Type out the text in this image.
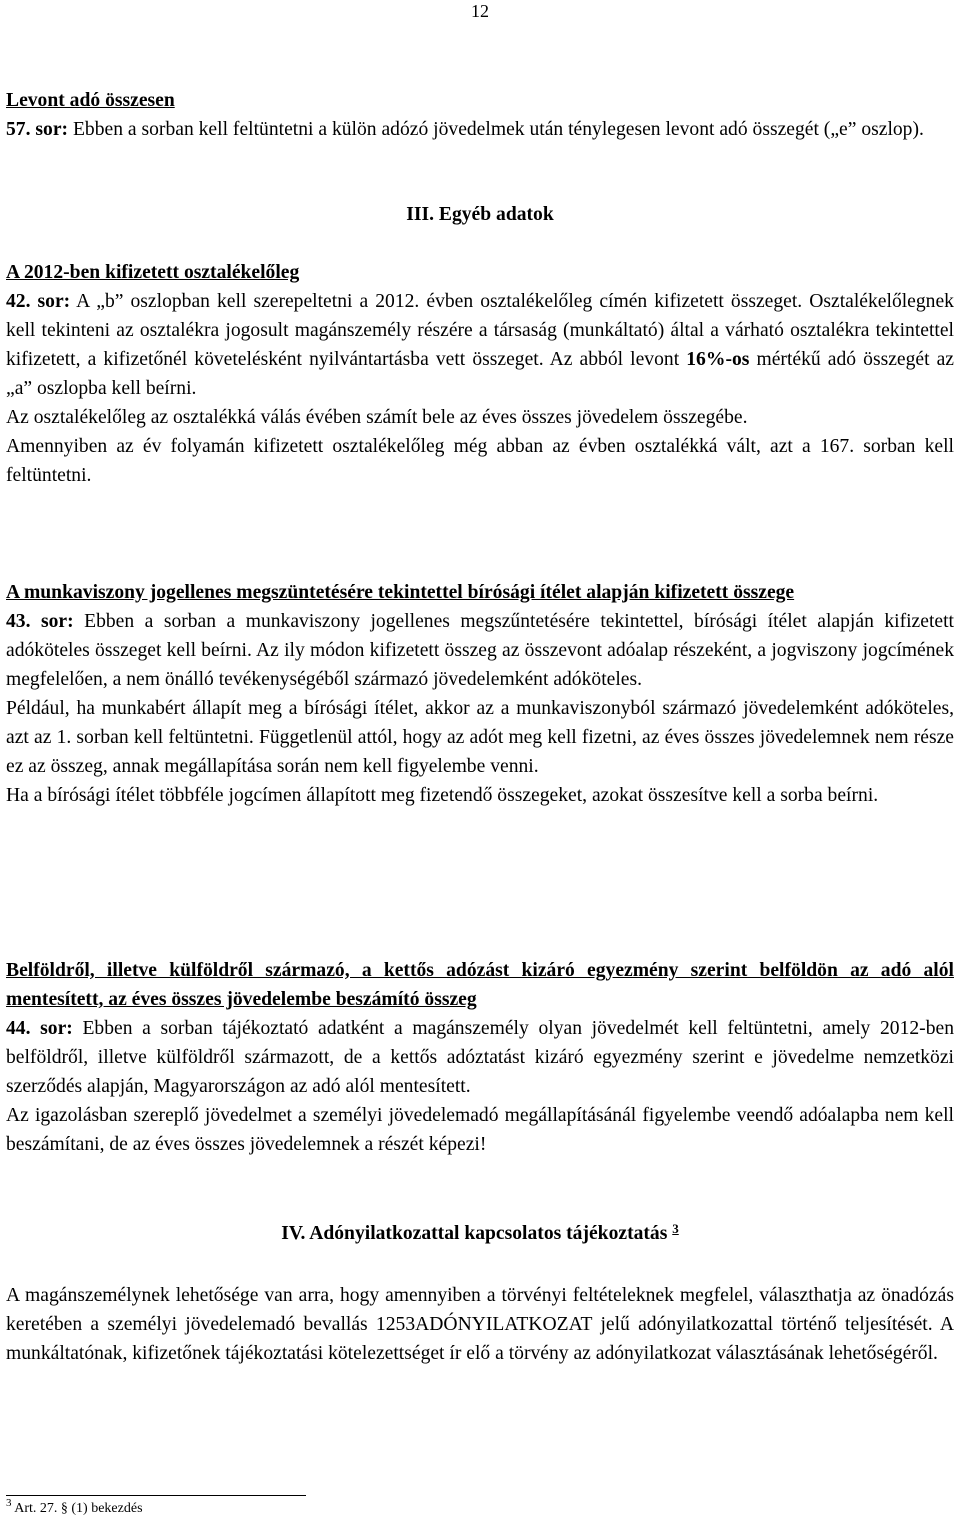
12

Levont adó összesen

57. sor: Ebben a sorban kell feltüntetni a külön adózó jövedelmek után ténylegesen levont adó összegét („e” oszlop).

III. Egyéb adatok

A 2012-ben kifizetett osztalékelőleg

42. sor: A „b” oszlopban kell szerepeltetni a 2012. évben osztalékelőleg címén kifizetett összeget. Osztalékelőlegnek kell tekinteni az osztalékra jogosult magánszemély részére a társaság (munkáltató) által a várható osztalékra tekintettel kifizetett, a kifizetőnél követelésként nyilvántartásba vett összeget. Az abból levont 16%-os mértékű adó összegét az „a” oszlopba kell beírni.

Az osztalékelőleg az osztalékká válás évében számít bele az éves összes jövedelem összegébe.

Amennyiben az év folyamán kifizetett osztalékelőleg még abban az évben osztalékká vált, azt a 167. sorban kell feltüntetni.

A munkaviszony jogellenes megszüntetésére tekintettel bírósági ítélet alapján kifizetett összege

43. sor: Ebben a sorban a munkaviszony jogellenes megszűntetésére tekintettel, bírósági ítélet alapján kifizetett adóköteles összeget kell beírni. Az ily módon kifizetett összeg az összevont adóalap részeként, a jogviszony jogcímének megfelelően, a nem önálló tevékenységéből származó jövedelemként adóköteles.

Például, ha munkabért állapít meg a bírósági ítélet, akkor az a munkaviszonyból származó jövedelemként adóköteles, azt az 1. sorban kell feltüntetni. Függetlenül attól, hogy az adót meg kell fizetni, az éves összes jövedelemnek nem része ez az összeg, annak megállapítása során nem kell figyelembe venni.

Ha a bírósági ítélet többféle jogcímen állapított meg fizetendő összegeket, azokat összesítve kell a sorba beírni.

Belföldről, illetve külföldről származó, a kettős adózást kizáró egyezmény szerint belföldön az adó alól mentesített, az éves összes jövedelembe beszámító összeg

44. sor: Ebben a sorban tájékoztató adatként a magánszemély olyan jövedelmét kell feltüntetni, amely 2012-ben belföldről, illetve külföldről származott, de a kettős adóztatást kizáró egyezmény szerint e jövedelme nemzetközi szerződés alapján, Magyarországon az adó alól mentesített.

Az igazolásban szereplő jövedelmet a személyi jövedelemadó megállapításánál figyelembe veendő adóalapba nem kell beszámítani, de az éves összes jövedelemnek a részét képezi!

IV. Adónyilatkozattal kapcsolatos tájékoztatás $^3$

A magánszemélynek lehetősége van arra, hogy amennyiben a törvényi feltételeknek megfelel, választhatja az önadózás keretében a személyi jövedelemadó bevallás 1253ADÓNYILATKOZAT jelű adónyilatkozattal történő teljesítését. A munkáltatónak, kifizetőnek tájékoztatási kötelezettséget ír elő a törvény az adónyilatkozat választásának lehetőségéről.

$^3$ Art. 27. § (1) bekezdés
